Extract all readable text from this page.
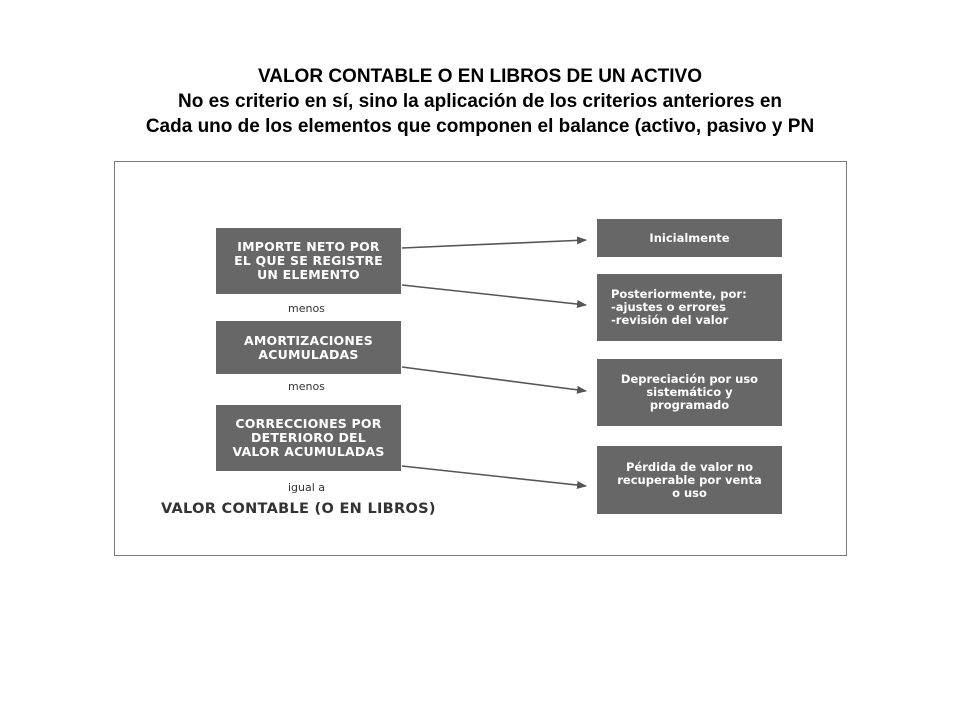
VALOR CONTABLE O EN LIBROS DE UN ACTIVO
No es criterio en sí, sino la aplicación de los criterios anteriores en
Cada uno de los elementos que componen el balance (activo, pasivo y PN
IMPORTE NETO POR
EL QUE SE REGISTRE
UN ELEMENTO
AMORTIZACIONES
ACUMULADAS
CORRECCIONES POR
DETERIORO DEL
VALOR ACUMULADAS
menos
menos
igual a
VALOR CONTABLE (O EN LIBROS)
Inicialmente
Posteriormente, por:
-ajustes o errores
-revisión del valor
Depreciación por uso
sistemático y
programado
Pérdida de valor no
recuperable por venta
o uso
